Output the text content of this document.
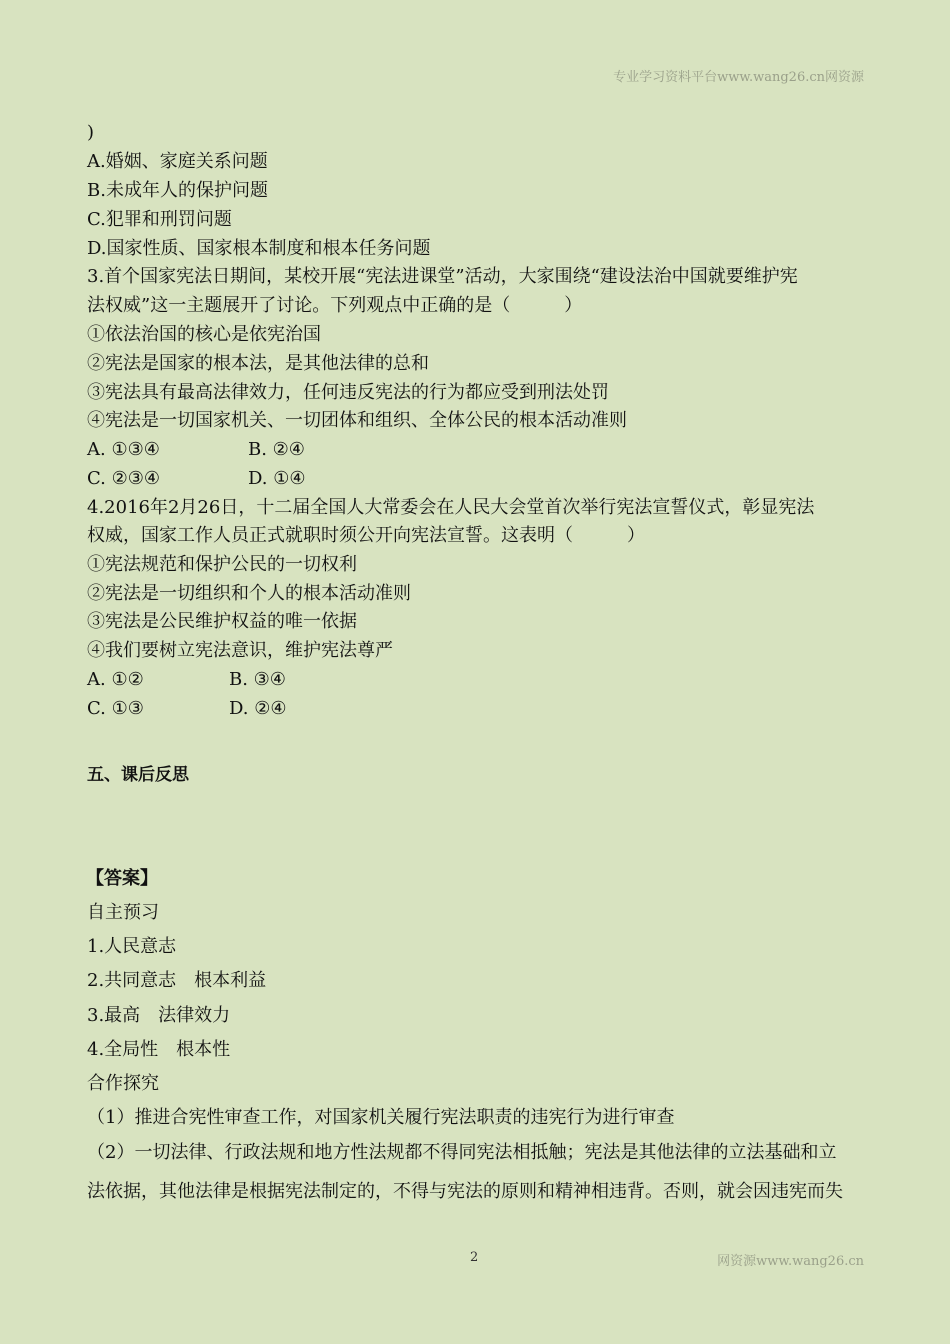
专业学习资料平台www.wang26.cn网资源
)
A.婚姻、家庭关系问题
B.未成年人的保护问题
C.犯罪和刑罚问题
D.国家性质、国家根本制度和根本任务问题
3.首个国家宪法日期间，某校开展“宪法进课堂”活动，大家围绕“建设法治中国就要维护宪
法权威”这一主题展开了讨论。下列观点中正确的是（　　　）
①依法治国的核心是依宪治国
②宪法是国家的根本法，是其他法律的总和
③宪法具有最高法律效力，任何违反宪法的行为都应受到刑法处罚
④宪法是一切国家机关、一切团体和组织、全体公民的根本活动准则
A. ①③④	B. ②④
C. ②③④	D. ①④
4.2016年2月26日，十二届全国人大常委会在人民大会堂首次举行宪法宣誓仪式，彰显宪法
权威，国家工作人员正式就职时须公开向宪法宣誓。这表明（　　　）
①宪法规范和保护公民的一切权利
②宪法是一切组织和个人的根本活动准则
③宪法是公民维护权益的唯一依据
④我们要树立宪法意识，维护宪法尊严
A. ①②	B. ③④
C. ①③	D. ②④
五、课后反思
【答案】
自主预习
1.人民意志
2.共同意志　根本利益
3.最高　法律效力
4.全局性　根本性
合作探究
（1）推进合宪性审查工作，对国家机关履行宪法职责的违宪行为进行审查
（2）一切法律、行政法规和地方性法规都不得同宪法相抵触；宪法是其他法律的立法基础和立
法依据，其他法律是根据宪法制定的，不得与宪法的原则和精神相违背。否则，就会因违宪而失
2	网资源www.wang26.cn
